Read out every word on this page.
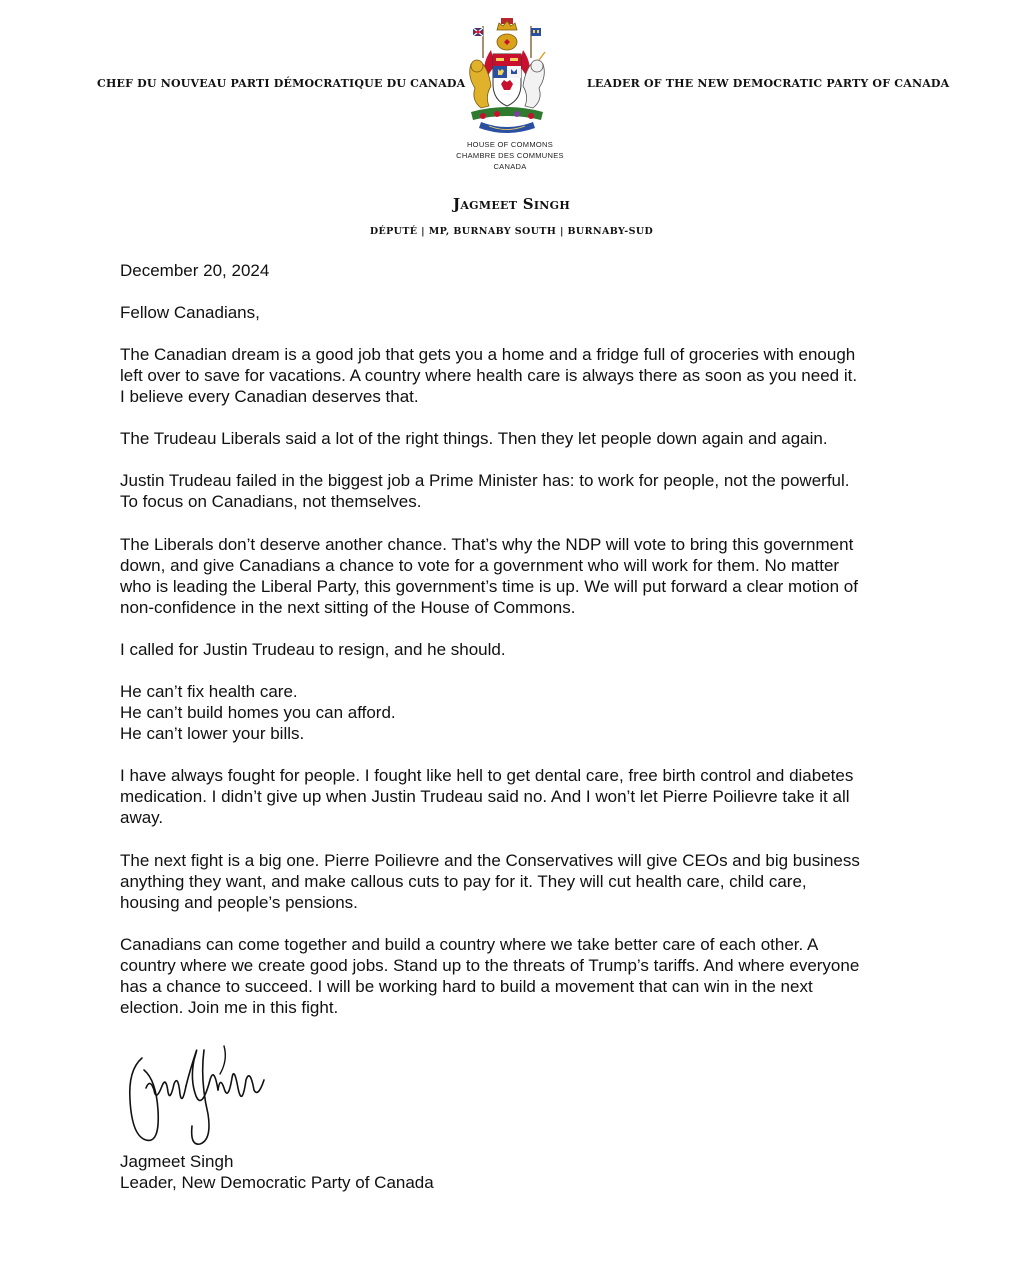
CHEF DU NOUVEAU PARTI DÉMOCRATIQUE DU CANADA	LEADER OF THE NEW DEMOCRATIC PARTY OF CANADA
HOUSE OF COMMONS
CHAMBRE DES COMMUNES
CANADA
Jagmeet Singh
DÉPUTÉ | MP, BURNABY SOUTH | BURNABY-SUD
December 20, 2024
Fellow Canadians,
The Canadian dream is a good job that gets you a home and a fridge full of groceries with enough
left over to save for vacations. A country where health care is always there as soon as you need it.
I believe every Canadian deserves that.
The Trudeau Liberals said a lot of the right things. Then they let people down again and again.
Justin Trudeau failed in the biggest job a Prime Minister has: to work for people, not the powerful.
To focus on Canadians, not themselves.
The Liberals don’t deserve another chance. That’s why the NDP will vote to bring this government
down, and give Canadians a chance to vote for a government who will work for them. No matter
who is leading the Liberal Party, this government’s time is up. We will put forward a clear motion of
non-confidence in the next sitting of the House of Commons.
I called for Justin Trudeau to resign, and he should.
He can’t fix health care.
He can’t build homes you can afford.
He can’t lower your bills.
I have always fought for people. I fought like hell to get dental care, free birth control and diabetes
medication. I didn’t give up when Justin Trudeau said no. And I won’t let Pierre Poilievre take it all
away.
The next fight is a big one. Pierre Poilievre and the Conservatives will give CEOs and big business
anything they want, and make callous cuts to pay for it. They will cut health care, child care,
housing and people’s pensions.
Canadians can come together and build a country where we take better care of each other. A
country where we create good jobs. Stand up to the threats of Trump’s tariffs. And where everyone
has a chance to succeed. I will be working hard to build a movement that can win in the next
election. Join me in this fight.
Jagmeet Singh
Leader, New Democratic Party of Canada
